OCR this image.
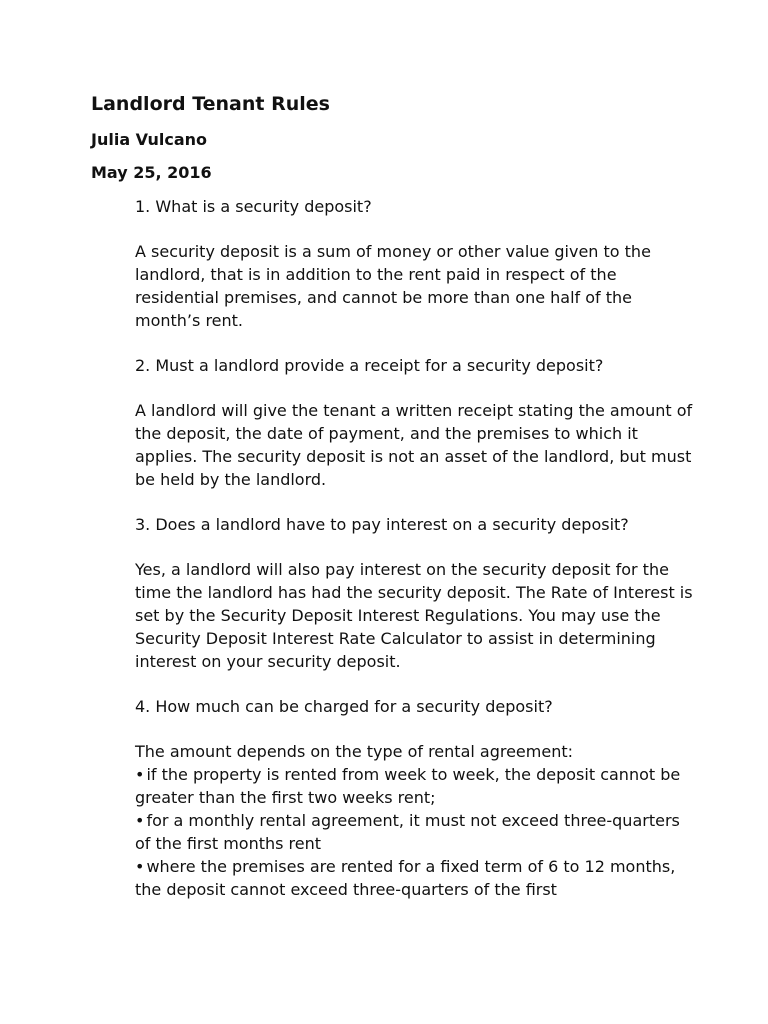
Landlord Tenant Rules

Julia Vulcano

May 25, 2016

1. What is a security deposit?

A security deposit is a sum of money or other value given to the landlord, that is in addition to the rent paid in respect of the residential premises, and cannot be more than one half of the month’s rent.

2. Must a landlord provide a receipt for a security deposit?

A landlord will give the tenant a written receipt stating the amount of the deposit, the date of payment, and the premises to which it applies. The security deposit is not an asset of the landlord, but must be held by the landlord.

3. Does a landlord have to pay interest on a security deposit?

Yes, a landlord will also pay interest on the security deposit for the time the landlord has had the security deposit. The Rate of Interest is set by the Security Deposit Interest Regulations. You may use the Security Deposit Interest Rate Calculator to assist in determining interest on your security deposit.

4. How much can be charged for a security deposit?

The amount depends on the type of rental agreement:

• if the property is rented from week to week, the deposit cannot be greater than the first two weeks rent;
• for a monthly rental agreement, it must not exceed three-quarters of the first months rent
• where the premises are rented for a fixed term of 6 to 12 months, the deposit cannot exceed three-quarters of the first
